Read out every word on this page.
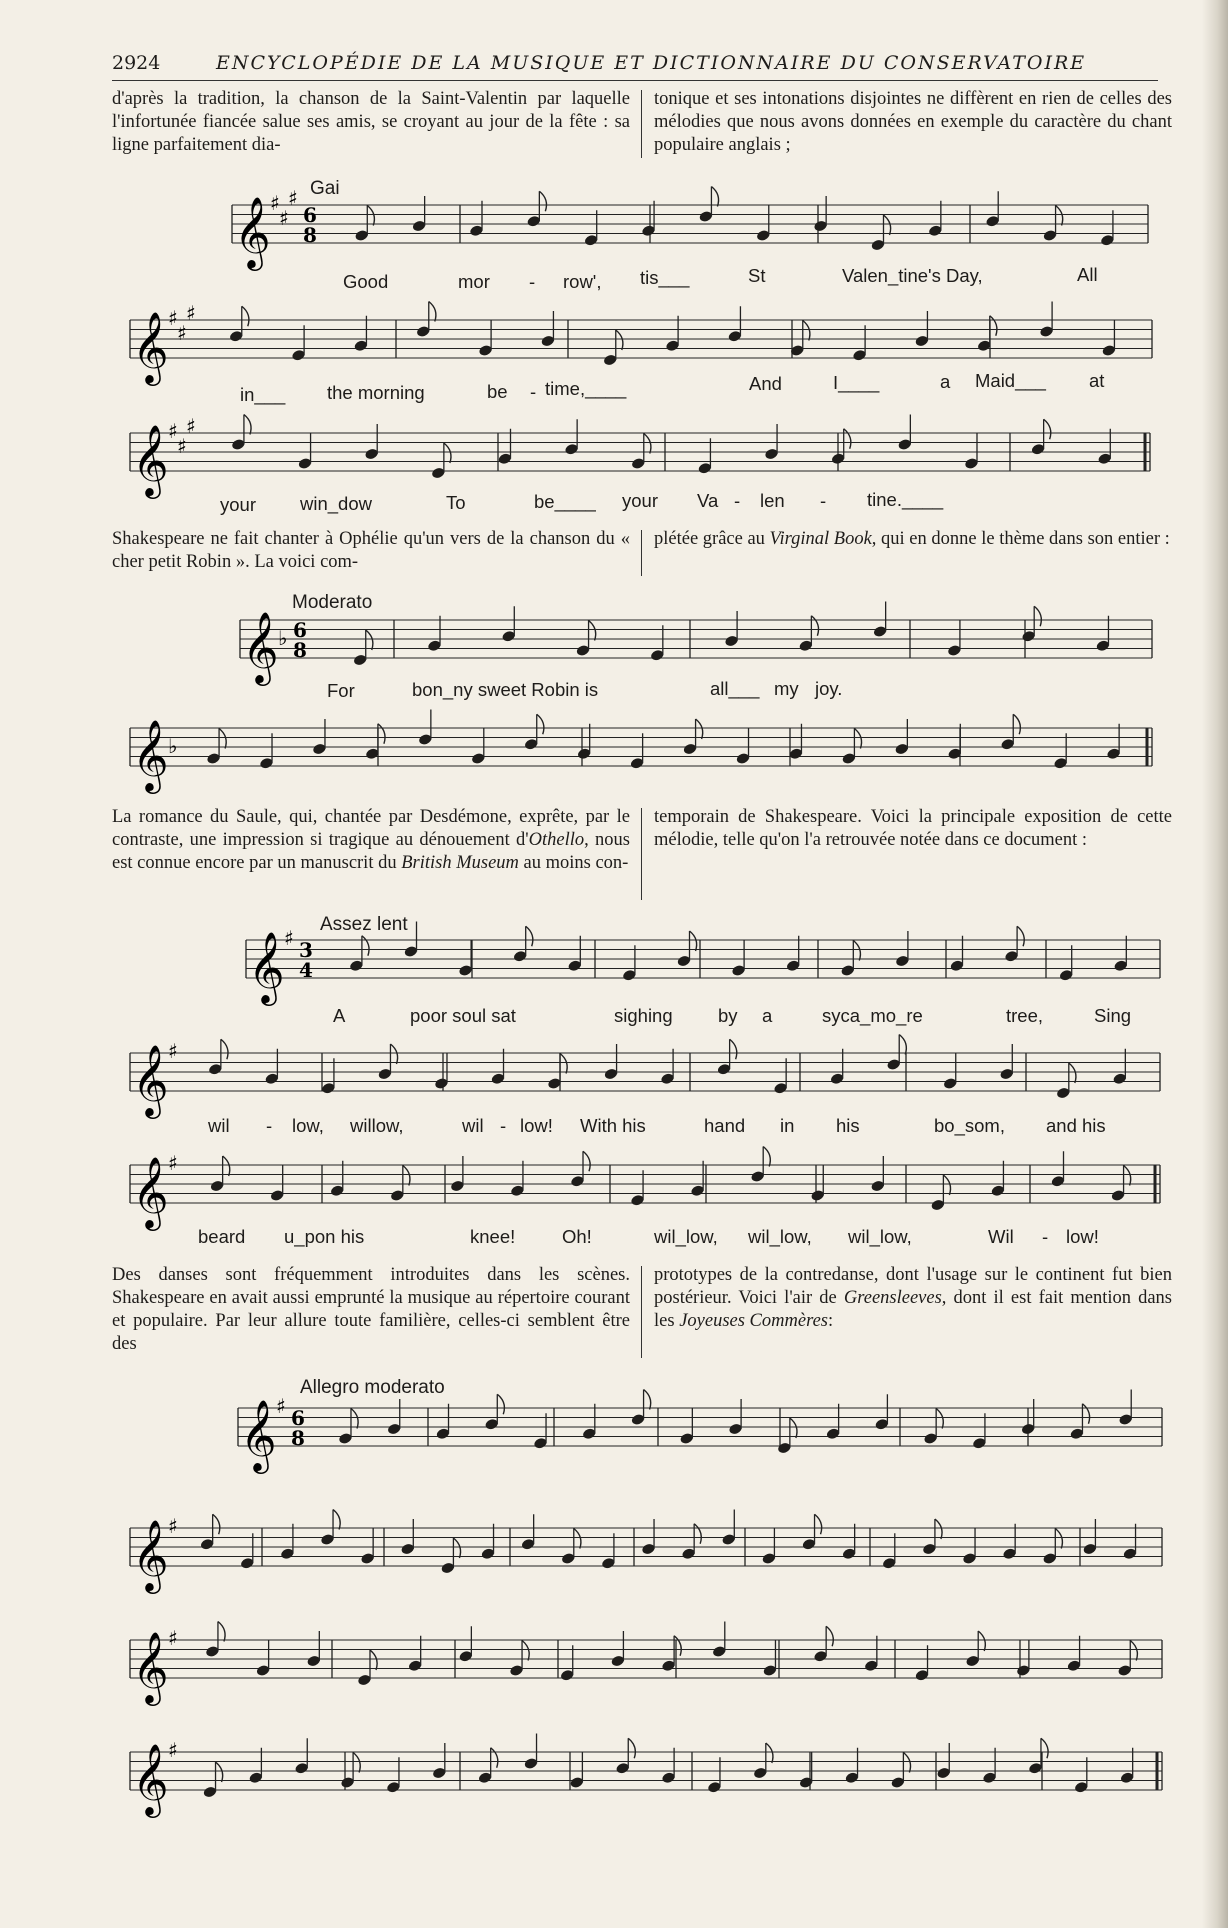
2924	ENCYCLOPÉDIE DE LA MUSIQUE ET DICTIONNAIRE DU CONSERVATOIRE
d'après la tradition, la chanson de la Saint-Valentin par laquelle l'infortunée fiancée salue ses amis, se croyant au jour de la fête : sa ligne parfaitement dia-
tonique et ses intonations disjointes ne diffèrent en rien de celles des mélodies que nous avons données en exemple du caractère du chant populaire anglais ;
Gai
𝄞 ♯
♯
♯
6
8
𝄞 ♯
♯
♯
𝄞 ♯
♯
♯
𝄞 ♭ 6
8
𝄞 ♭
𝄞 ♯ 3
4
𝄞 ♯
𝄞 ♯
𝄞 ♯ 6
8
𝄞 ♯
𝄞 ♯
𝄞 ♯
Good	mor - row', tis___	St	Valen_tine's Day,	All
in___ the morning	be - time,____	And	I____	a Maid___ at
your win_dow	To	be____ your Va - len - tine.____
Shakespeare ne fait chanter à Ophélie qu'un vers de la chanson du « cher petit Robin ». La voici com-
plétée grâce au Virginal Book, qui en donne le thème dans son entier :
Moderato
For	bon_ny sweet Robin is	all___ my joy.
La romance du Saule, qui, chantée par Desdémone, exprête, par le contraste, une impression si tragique au dénouement d'Othello, nous est connue encore par un manuscrit du British Museum au moins con-
temporain de Shakespeare. Voici la principale exposition de cette mélodie, telle qu'on l'a retrouvée notée dans ce document :
Assez lent
A	poor soul sat	sighing by a	syca_mo_re	tree,	Sing
wil - low, willow,	wil - low! With his	hand in his	bo_som, and his
beard u_pon his	knee!	Oh!	wil_low, wil_low, wil_low,	Wil - low!
Des danses sont fréquemment introduites dans les scènes. Shakespeare en avait aussi emprunté la musique au répertoire courant et populaire. Par leur allure toute familière, celles-ci semblent être des
prototypes de la contredanse, dont l'usage sur le continent fut bien postérieur. Voici l'air de Greensleeves, dont il est fait mention dans les Joyeuses Commères:
Allegro moderato
